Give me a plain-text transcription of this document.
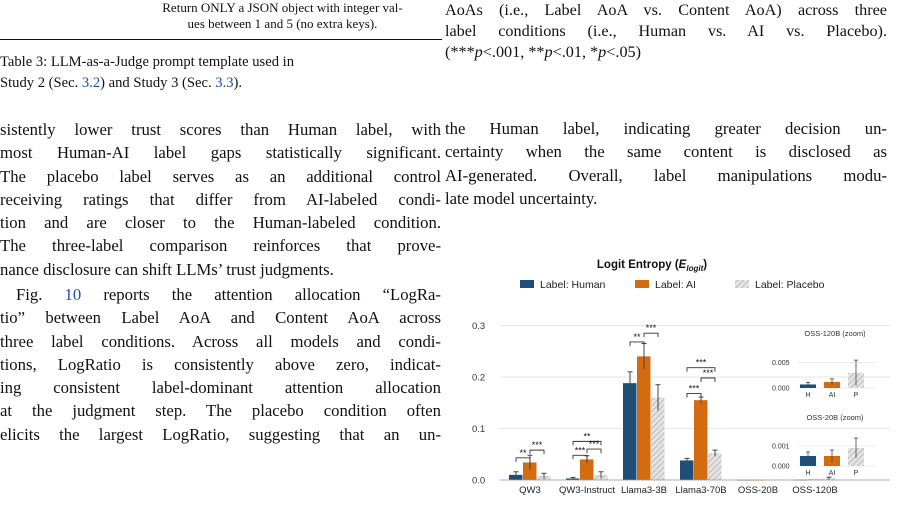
Return ONLY a JSON object with integer val-
ues between 1 and 5 (no extra keys).
Table 3: LLM-as-a-Judge prompt template used in
Study 2 (Sec. 3.2) and Study 3 (Sec. 3.3).
sistently lower trust scores than Human label, with
most Human-AI label gaps statistically significant.
The placebo label serves as an additional control
receiving ratings that differ from AI-labeled condi-
tion and are closer to the Human-labeled condition.
The three-label comparison reinforces that prove-
nance disclosure can shift LLMs’ trust judgments.
Fig. 10 reports the attention allocation “LogRa-
tio” between Label AoA and Content AoA across
three label conditions. Across all models and condi-
tions, LogRatio is consistently above zero, indicat-
ing consistent label-dominant attention allocation
at the judgment step. The placebo condition often
elicits the largest LogRatio, suggesting that an un-
AoAs (i.e., Label AoA vs. Content AoA) across three
label conditions (i.e., Human vs. AI vs. Placebo).
(***p<.001, **p<.01, *p<.05)
the Human label, indicating greater decision un-
certainty when the same content is disclosed as
AI-generated. Overall, label manipulations modu-
late model uncertainty.
Logit Entropy $(E_{logit})$
Label: Human	Label: AI	Label: Placebo
0.0
0.1
0.2
0.3
QW3 QW3-Instruct Llama3-3B Llama3-70B OSS-20B OSS-120B
**
***
***
**
***
**
***
***
***
***
OSS-120B (zoom)
0.000
0.005
H	AI	P
OSS-20B (zoom)
0.000
0.001
H	AI	P
